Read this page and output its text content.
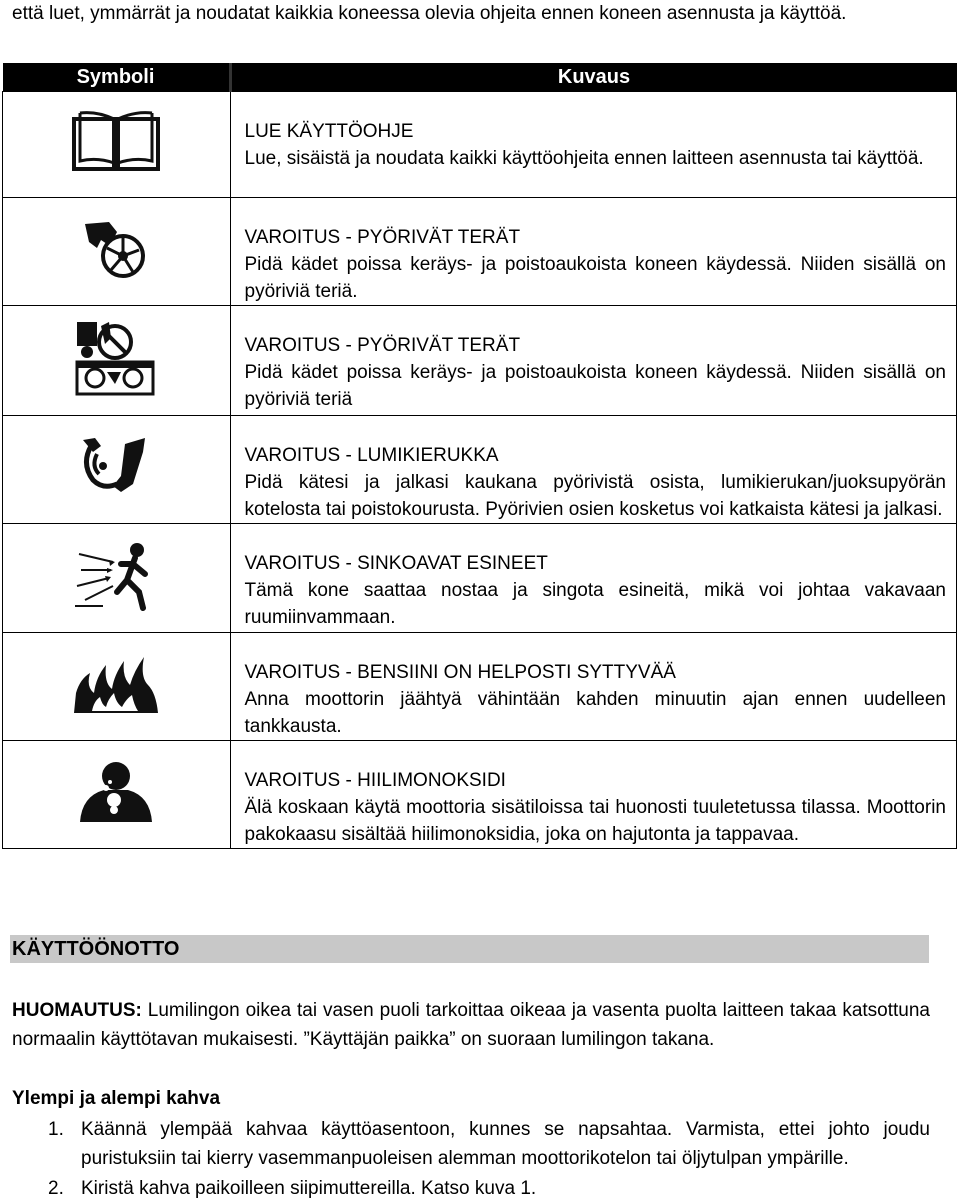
että luet, ymmärrät ja noudatat kaikkia koneessa olevia ohjeita ennen koneen asennusta ja käyttöä.
Symboli	Kuvaus

LUE KÄYTTÖOHJE
Lue, sisäistä ja noudata kaikki käyttöohjeita ennen laitteen asennusta tai käyttöä.

VAROITUS - PYÖRIVÄT TERÄT
Pidä kädet poissa keräys- ja poistoaukoista koneen käydessä. Niiden sisällä on pyöriviä teriä.

VAROITUS - PYÖRIVÄT TERÄT
Pidä kädet poissa keräys- ja poistoaukoista koneen käydessä. Niiden sisällä on pyöriviä teriä

VAROITUS - LUMIKIERUKKA
Pidä kätesi ja jalkasi kaukana pyörivistä osista, lumikierukan/juoksupyörän kotelosta tai poistokourusta. Pyörivien osien kosketus voi katkaista kätesi ja jalkasi.

VAROITUS - SINKOAVAT ESINEET
Tämä kone saattaa nostaa ja singota esineitä, mikä voi johtaa vakavaan ruumiinvammaan.

VAROITUS - BENSIINI ON HELPOSTI SYTTYVÄÄ
Anna moottorin jäähtyä vähintään kahden minuutin ajan ennen uudelleen tankkausta.

VAROITUS - HIILIMONOKSIDI
Älä koskaan käytä moottoria sisätiloissa tai huonosti tuuletetussa tilassa. Moottorin pakokaasu sisältää hiilimonoksidia, joka on hajutonta ja tappavaa.
KÄYTTÖÖNOTTO
HUOMAUTUS: Lumilingon oikea tai vasen puoli tarkoittaa oikeaa ja vasenta puolta laitteen takaa katsottuna normaalin käyttötavan mukaisesti. ”Käyttäjän paikka” on suoraan lumilingon takana.
Ylempi ja alempi kahva
1. Käännä ylempää kahvaa käyttöasentoon, kunnes se napsahtaa. Varmista, ettei johto joudu puristuksiin tai kierry vasemmanpuoleisen alemman moottorikotelon tai öljytulpan ympärille.
2. Kiristä kahva paikoilleen siipimuttereilla. Katso kuva 1.
